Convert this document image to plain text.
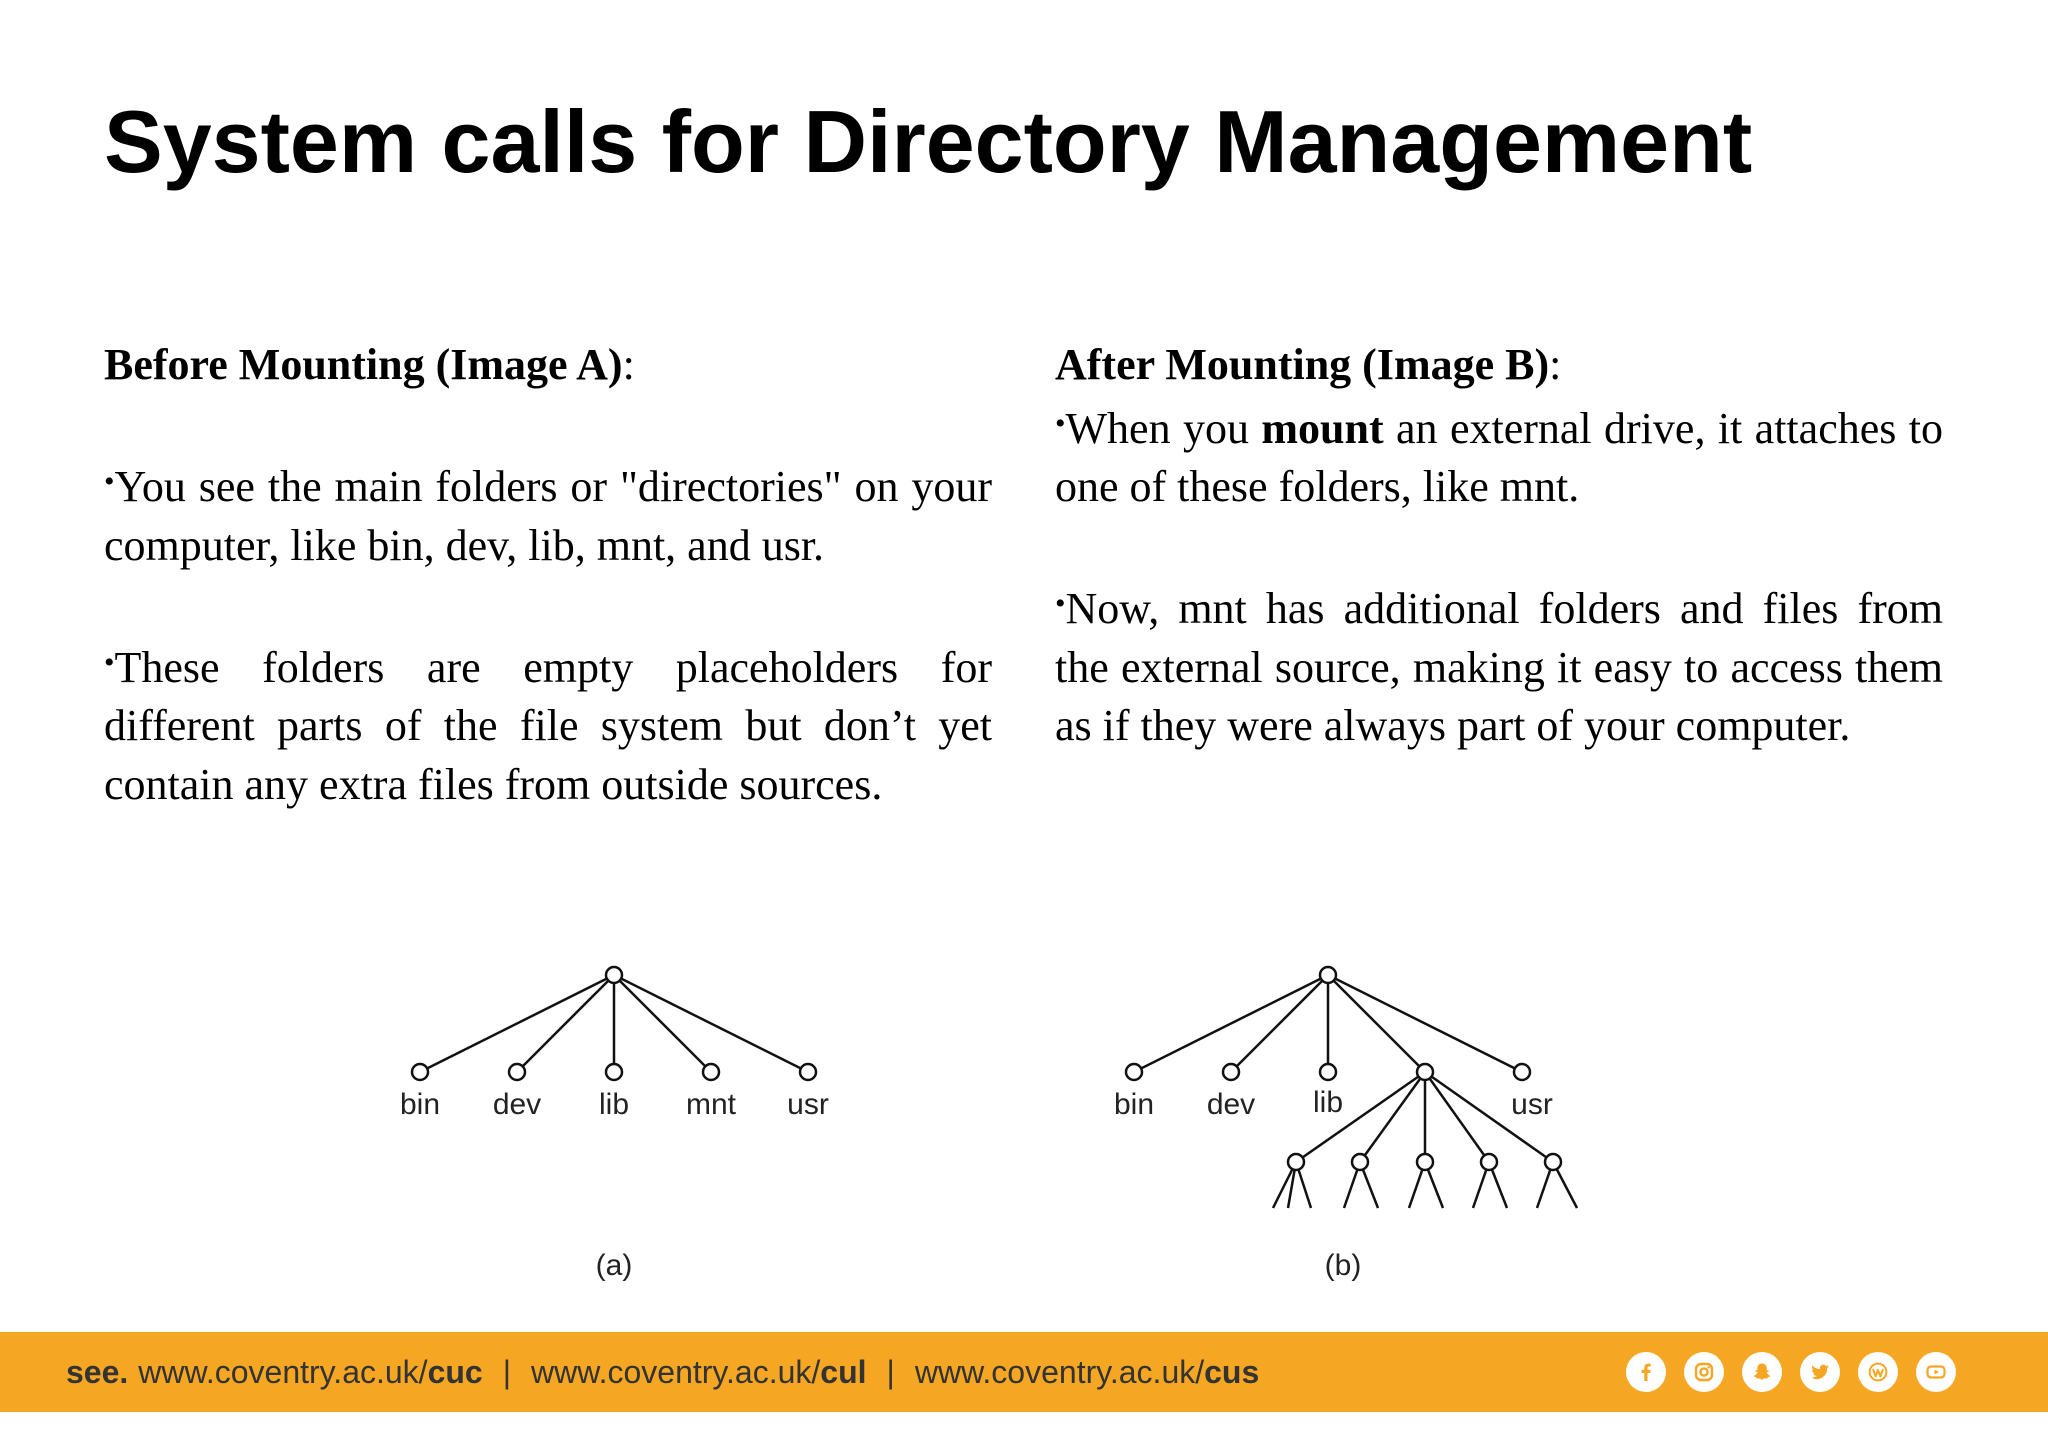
System calls for Directory Management

Before Mounting (Image A):

•You see the main folders or "directories" on your computer, like bin, dev, lib, mnt, and usr.

•These folders are empty placeholders for different parts of the file system but don’t yet contain any extra files from outside sources.

After Mounting (Image B):

•When you mount an external drive, it attaches to one of these folders, like mnt.

•Now, mnt has additional folders and files from the external source, making it easy to access them as if they were always part of your computer.

bin dev lib mnt usr	bin dev lib	usr
(a)	(b)
see. www.coventry.ac.uk/cuc | www.coventry.ac.uk/cul | www.coventry.ac.uk/cus
